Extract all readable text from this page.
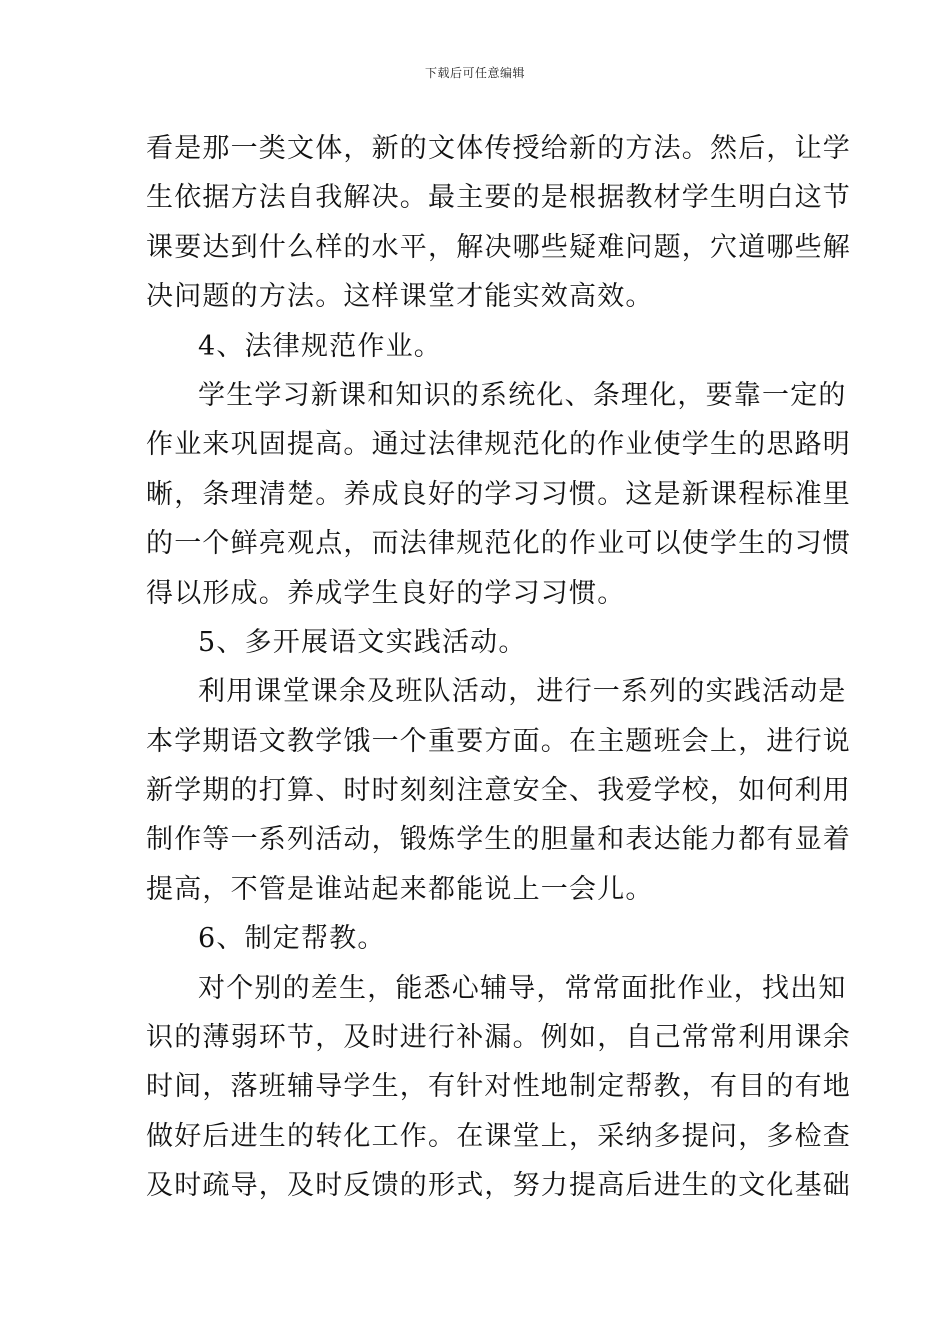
下载后可任意编辑
看是那一类文体，新的文体传授给新的方法。然后，让学
生依据方法自我解决。最主要的是根据教材学生明白这节
课要达到什么样的水平，解决哪些疑难问题，穴道哪些解
决问题的方法。这样课堂才能实效高效。
4、法律规范作业。
学生学习新课和知识的系统化、条理化，要靠一定的
作业来巩固提高。通过法律规范化的作业使学生的思路明
晰，条理清楚。养成良好的学习习惯。这是新课程标准里
的一个鲜亮观点，而法律规范化的作业可以使学生的习惯
得以形成。养成学生良好的学习习惯。
5、多开展语文实践活动。
利用课堂课余及班队活动，进行一系列的实践活动是
本学期语文教学饿一个重要方面。在主题班会上，进行说
新学期的打算、时时刻刻注意安全、我爱学校，如何利用
制作等一系列活动，锻炼学生的胆量和表达能力都有显着
提高，不管是谁站起来都能说上一会儿。
6、制定帮教。
对个别的差生，能悉心辅导，常常面批作业，找出知
识的薄弱环节，及时进行补漏。例如，自己常常利用课余
时间，落班辅导学生，有针对性地制定帮教，有目的有地
做好后进生的转化工作。在课堂上，采纳多提问，多检查
及时疏导，及时反馈的形式，努力提高后进生的文化基础
